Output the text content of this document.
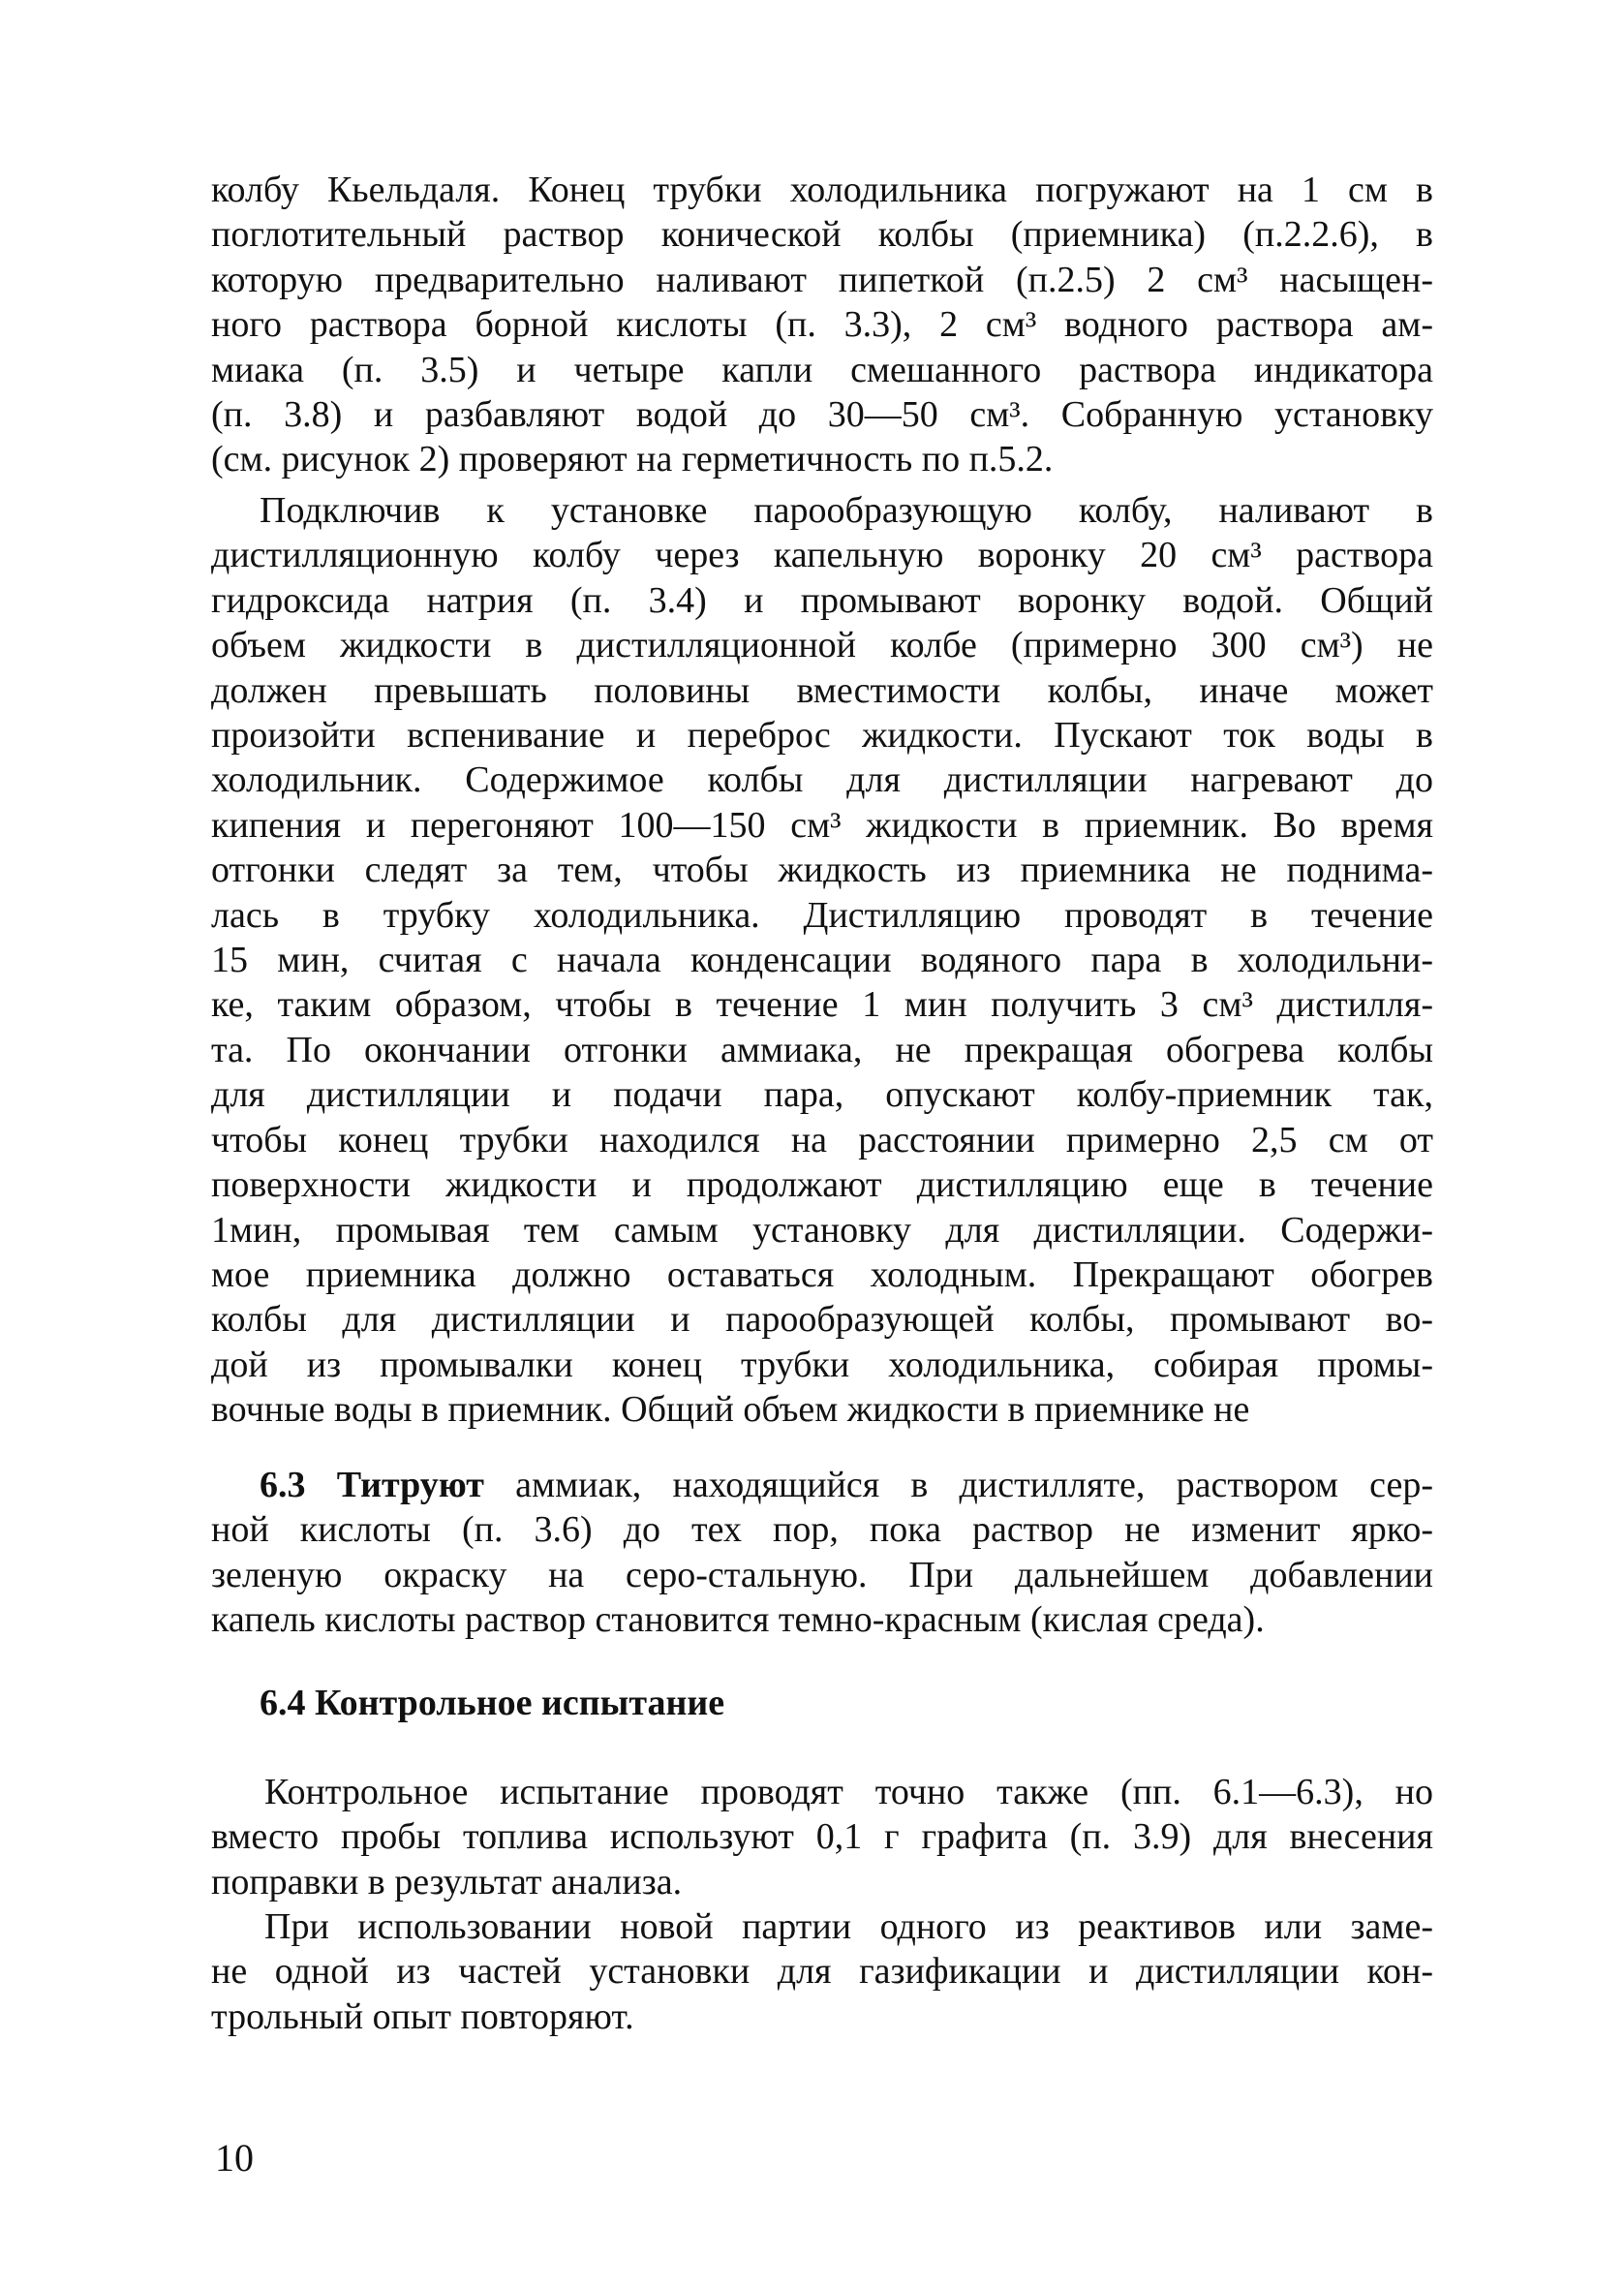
колбу Кьельдаля. Конец трубки холодильника погружают на 1 см в
поглотительный раствор конической колбы (приемника) (п.2.2.6), в
которую предварительно наливают пипеткой (п.2.5) 2 см³ насыщен-
ного раствора борной кислоты (п. 3.3), 2 см³ водного раствора ам-
миака (п. 3.5) и четыре капли смешанного раствора индикатора
(п. 3.8) и разбавляют водой до 30—50 см³. Собранную установку
(см. рисунок 2) проверяют на герметичность по п.5.2.
Подключив к установке парообразующую колбу, наливают в
дистилляционную колбу через капельную воронку 20 см³ раствора
гидроксида натрия (п. 3.4) и промывают воронку водой. Общий
объем жидкости в дистилляционной колбе (примерно 300 см³) не
должен превышать половины вместимости колбы, иначе может
произойти вспенивание и переброс жидкости. Пускают ток воды в
холодильник. Содержимое колбы для дистилляции нагревают до
кипения и перегоняют 100—150 см³ жидкости в приемник. Во время
отгонки следят за тем, чтобы жидкость из приемника не поднима-
лась в трубку холодильника. Дистилляцию проводят в течение
15 мин, считая с начала конденсации водяного пара в холодильни-
ке, таким образом, чтобы в течение 1 мин получить 3 см³ дистилля-
та. По окончании отгонки аммиака, не прекращая обогрева колбы
для дистилляции и подачи пара, опускают колбу-приемник так,
чтобы конец трубки находился на расстоянии примерно 2,5 см от
поверхности жидкости и продолжают дистилляцию еще в течение
1мин, промывая тем самым установку для дистилляции. Содержи-
мое приемника должно оставаться холодным. Прекращают обогрев
колбы для дистилляции и парообразующей колбы, промывают во-
дой из промывалки конец трубки холодильника, собирая промы-
вочные воды в приемник. Общий объем жидкости в приемнике не
6.3 Титруют аммиак, находящийся в дистилляте, раствором сер-
ной кислоты (п. 3.6) до тех пор, пока раствор не изменит ярко-
зеленую окраску на серо-стальную. При дальнейшем добавлении
капель кислоты раствор становится темно-красным (кислая среда).
6.4 Контрольное испытание
Контрольное испытание проводят точно также (пп. 6.1—6.3), но
вместо пробы топлива используют 0,1 г графита (п. 3.9) для внесения
поправки в результат анализа.
При использовании новой партии одного из реактивов или заме-
не одной из частей установки для газификации и дистилляции кон-
трольный опыт повторяют.
10
